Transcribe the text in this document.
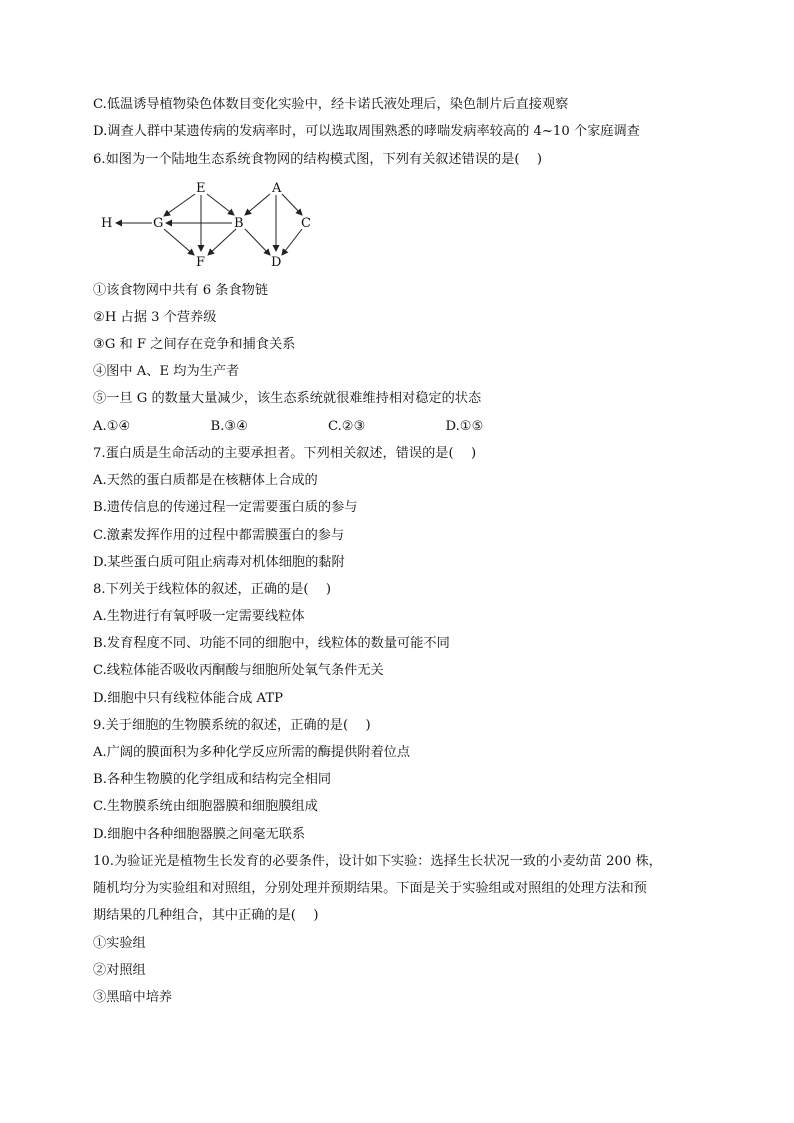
C.低温诱导植物染色体数目变化实验中，经卡诺氏液处理后，染色制片后直接观察
D.调查人群中某遗传病的发病率时，可以选取周围熟悉的哮喘发病率较高的 4~10 个家庭调查
6.如图为一个陆地生态系统食物网的结构模式图，下列有关叙述错误的是(　 )
H	G
E
F
B
A
C
D
①该食物网中共有 6 条食物链
②H 占据 3 个营养级
③G 和 F 之间存在竞争和捕食关系
④图中 A、E 均为生产者
⑤一旦 G 的数量大量减少，该生态系统就很难维持相对稳定的状态
A.①④	B.③④	C.②③	D.①⑤
7.蛋白质是生命活动的主要承担者。下列相关叙述，错误的是(　 )
A.天然的蛋白质都是在核糖体上合成的
B.遗传信息的传递过程一定需要蛋白质的参与
C.激素发挥作用的过程中都需膜蛋白的参与
D.某些蛋白质可阻止病毒对机体细胞的黏附
8.下列关于线粒体的叙述，正确的是(　 )
A.生物进行有氧呼吸一定需要线粒体
B.发育程度不同、功能不同的细胞中，线粒体的数量可能不同
C.线粒体能否吸收丙酮酸与细胞所处氧气条件无关
D.细胞中只有线粒体能合成 ATP
9.关于细胞的生物膜系统的叙述，正确的是(　 )
A.广阔的膜面积为多种化学反应所需的酶提供附着位点
B.各种生物膜的化学组成和结构完全相同
C.生物膜系统由细胞器膜和细胞膜组成
D.细胞中各种细胞器膜之间毫无联系
10.为验证光是植物生长发育的必要条件，设计如下实验：选择生长状况一致的小麦幼苗 200 株，
随机均分为实验组和对照组，分别处理并预期结果。下面是关于实验组或对照组的处理方法和预
期结果的几种组合，其中正确的是(　 )
①实验组
②对照组
③黑暗中培养
